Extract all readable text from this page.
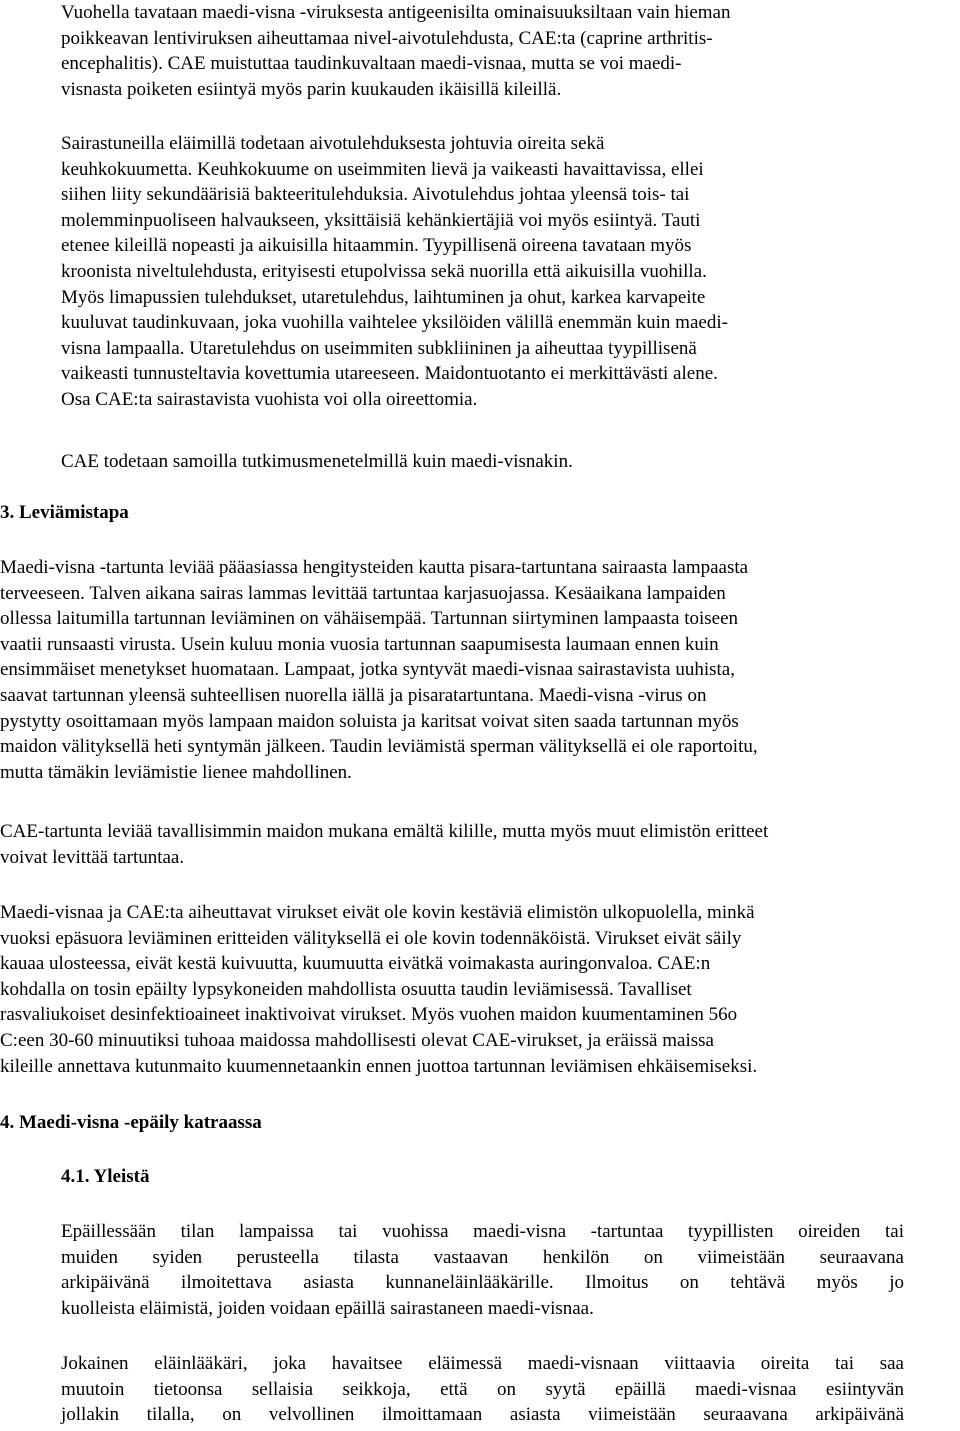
Vuohella tavataan maedi-visna -viruksesta antigeenisilta ominaisuuksiltaan vain hieman
poikkeavan lentiviruksen aiheuttamaa nivel-aivotulehdusta, CAE:ta (caprine arthritis-
encephalitis). CAE muistuttaa taudinkuvaltaan maedi-visnaa, mutta se voi maedi-
visnasta poiketen esiintyä myös parin kuukauden ikäisillä kileillä.
Sairastuneilla eläimillä todetaan aivotulehduksesta johtuvia oireita sekä
keuhkokuumetta. Keuhkokuume on useimmiten lievä ja vaikeasti havaittavissa, ellei
siihen liity sekundäärisiä bakteeritulehduksia. Aivotulehdus johtaa yleensä tois- tai
molemminpuoliseen halvaukseen, yksittäisiä kehänkiertäjiä voi myös esiintyä. Tauti
etenee kileillä nopeasti ja aikuisilla hitaammin. Tyypillisenä oireena tavataan myös
kroonista niveltulehdusta, erityisesti etupolvissa sekä nuorilla että aikuisilla vuohilla.
Myös limapussien tulehdukset, utaretulehdus, laihtuminen ja ohut, karkea karvapeite
kuuluvat taudinkuvaan, joka vuohilla vaihtelee yksilöiden välillä enemmän kuin maedi-
visna lampaalla. Utaretulehdus on useimmiten subkliininen ja aiheuttaa tyypillisenä
vaikeasti tunnusteltavia kovettumia utareeseen. Maidontuotanto ei merkittävästi alene.
Osa CAE:ta sairastavista vuohista voi olla oireettomia.
CAE todetaan samoilla tutkimusmenetelmillä kuin maedi-visnakin.
3. Leviämistapa
Maedi-visna -tartunta leviää pääasiassa hengitysteiden kautta pisara-tartuntana sairaasta lampaasta
terveeseen. Talven aikana sairas lammas levittää tartuntaa karjasuojassa. Kesäaikana lampaiden
ollessa laitumilla tartunnan leviäminen on vähäisempää. Tartunnan siirtyminen lampaasta toiseen
vaatii runsaasti virusta. Usein kuluu monia vuosia tartunnan saapumisesta laumaan ennen kuin
ensimmäiset menetykset huomataan. Lampaat, jotka syntyvät maedi-visnaa sairastavista uuhista,
saavat tartunnan yleensä suhteellisen nuorella iällä ja pisaratartuntana. Maedi-visna -virus on
pystytty osoittamaan myös lampaan maidon soluista ja karitsat voivat siten saada tartunnan myös
maidon välityksellä heti syntymän jälkeen. Taudin leviämistä sperman välityksellä ei ole raportoitu,
mutta tämäkin leviämistie lienee mahdollinen.
CAE-tartunta leviää tavallisimmin maidon mukana emältä kilille, mutta myös muut elimistön eritteet
voivat levittää tartuntaa.
Maedi-visnaa ja CAE:ta aiheuttavat virukset eivät ole kovin kestäviä elimistön ulkopuolella, minkä
vuoksi epäsuora leviäminen eritteiden välityksellä ei ole kovin todennäköistä. Virukset eivät säily
kauaa ulosteessa, eivät kestä kuivuutta, kuumuutta eivätkä voimakasta auringonvaloa. CAE:n
kohdalla on tosin epäilty lypsykoneiden mahdollista osuutta taudin leviämisessä. Tavalliset
rasvaliukoiset desinfektioaineet inaktivoivat virukset. Myös vuohen maidon kuumentaminen 56o
C:een 30-60 minuutiksi tuhoaa maidossa mahdollisesti olevat CAE-virukset, ja eräissä maissa
kileille annettava kutunmaito kuumennetaankin ennen juottoa tartunnan leviämisen ehkäisemiseksi.
4. Maedi-visna -epäily katraassa
4.1. Yleistä
Epäillessään tilan lampaissa tai vuohissa maedi-visna -tartuntaa tyypillisten oireiden tai
muiden syiden perusteella tilasta vastaavan henkilön on viimeistään seuraavana
arkipäivänä ilmoitettava asiasta kunnaneläinlääkärille. Ilmoitus on tehtävä myös jo
kuolleista eläimistä, joiden voidaan epäillä sairastaneen maedi-visnaa.
Jokainen eläinlääkäri, joka havaitsee eläimessä maedi-visnaan viittaavia oireita tai saa
muutoin tietoonsa sellaisia seikkoja, että on syytä epäillä maedi-visnaa esiintyvän
jollakin tilalla, on velvollinen ilmoittamaan asiasta viimeistään seuraavana arkipäivänä
